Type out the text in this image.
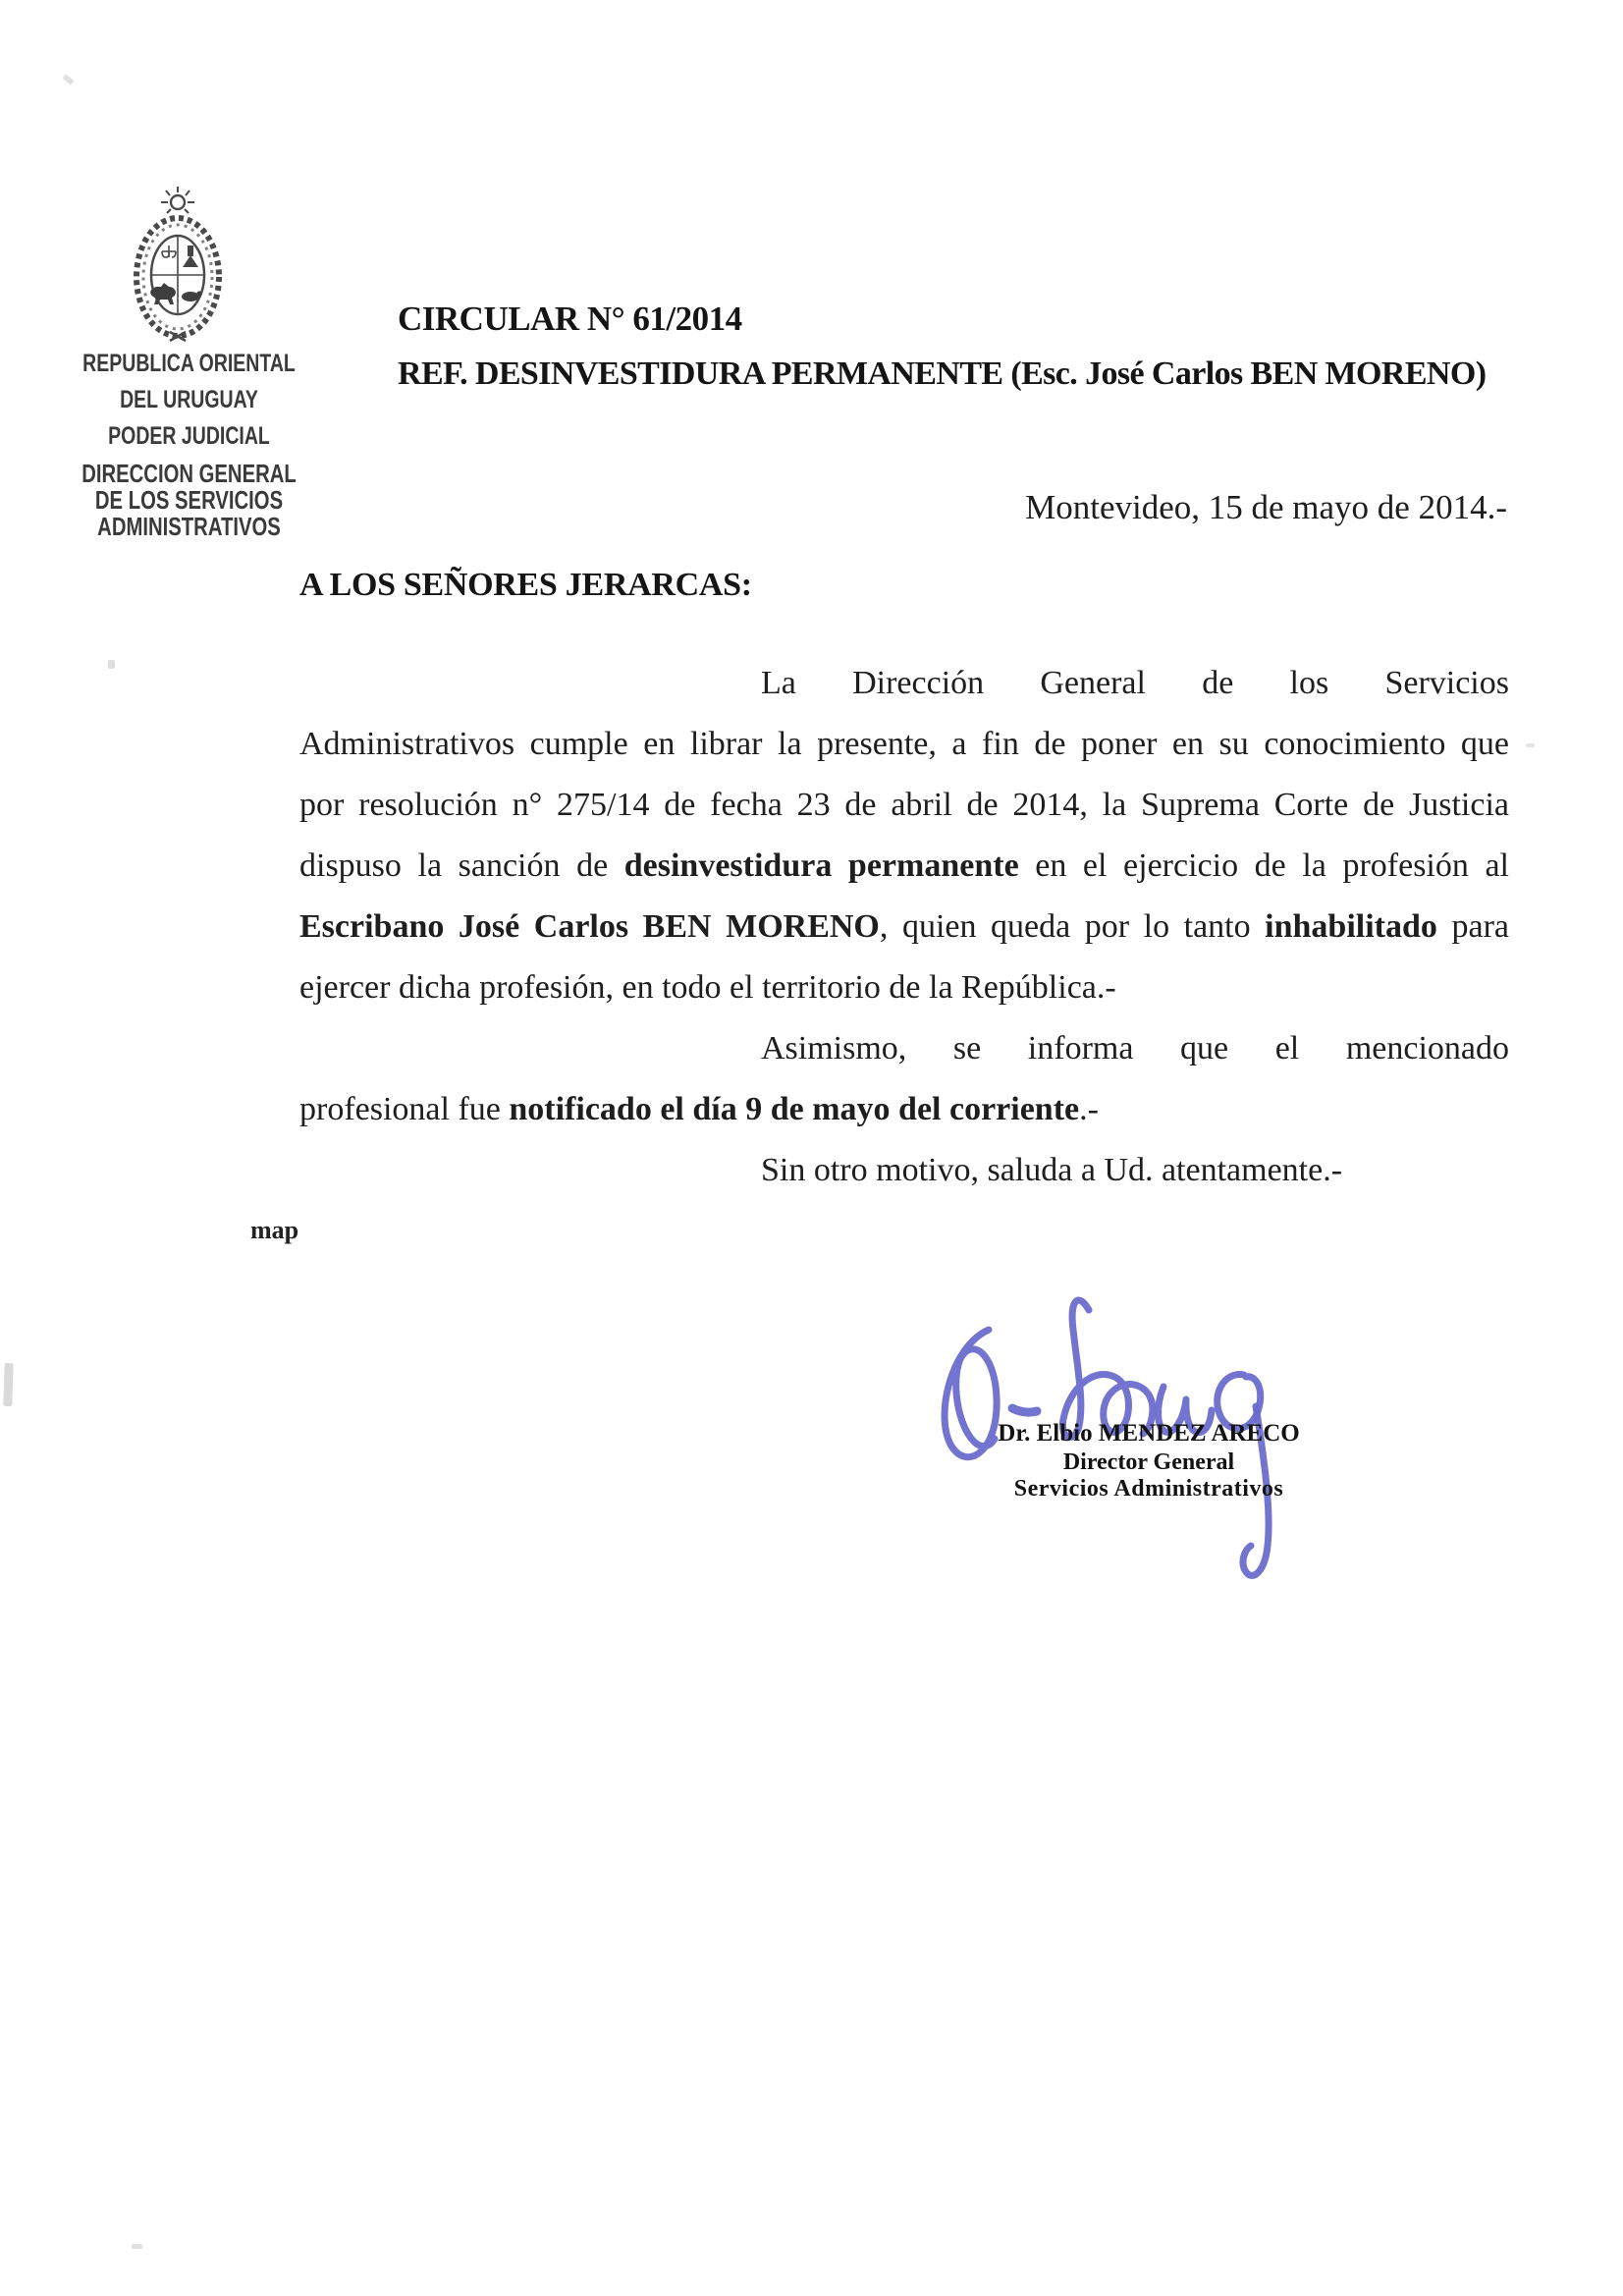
REPUBLICA ORIENTAL
DEL URUGUAY
PODER JUDICIAL
DIRECCION GENERAL
DE LOS SERVICIOS
ADMINISTRATIVOS
CIRCULAR N° 61/2014
REF. DESINVESTIDURA PERMANENTE (Esc. José Carlos BEN MORENO)
Montevideo, 15 de mayo de 2014.-
A LOS SEÑORES JERARCAS:
La Dirección General de los Servicios
Administrativos cumple en librar la presente, a fin de poner en su conocimiento que
por resolución n° 275/14 de fecha 23 de abril de 2014, la Suprema Corte de Justicia
dispuso la sanción de desinvestidura permanente en el ejercicio de la profesión al
Escribano José Carlos BEN MORENO, quien queda por lo tanto inhabilitado para
ejercer dicha profesión, en todo el territorio de la República.-
Asimismo, se informa que el mencionado
profesional fue notificado el día 9 de mayo del corriente.-
Sin otro motivo, saluda a Ud. atentamente.-
map
Dr. Elbio MENDEZ ARECO
Director General
Servicios Administrativos
